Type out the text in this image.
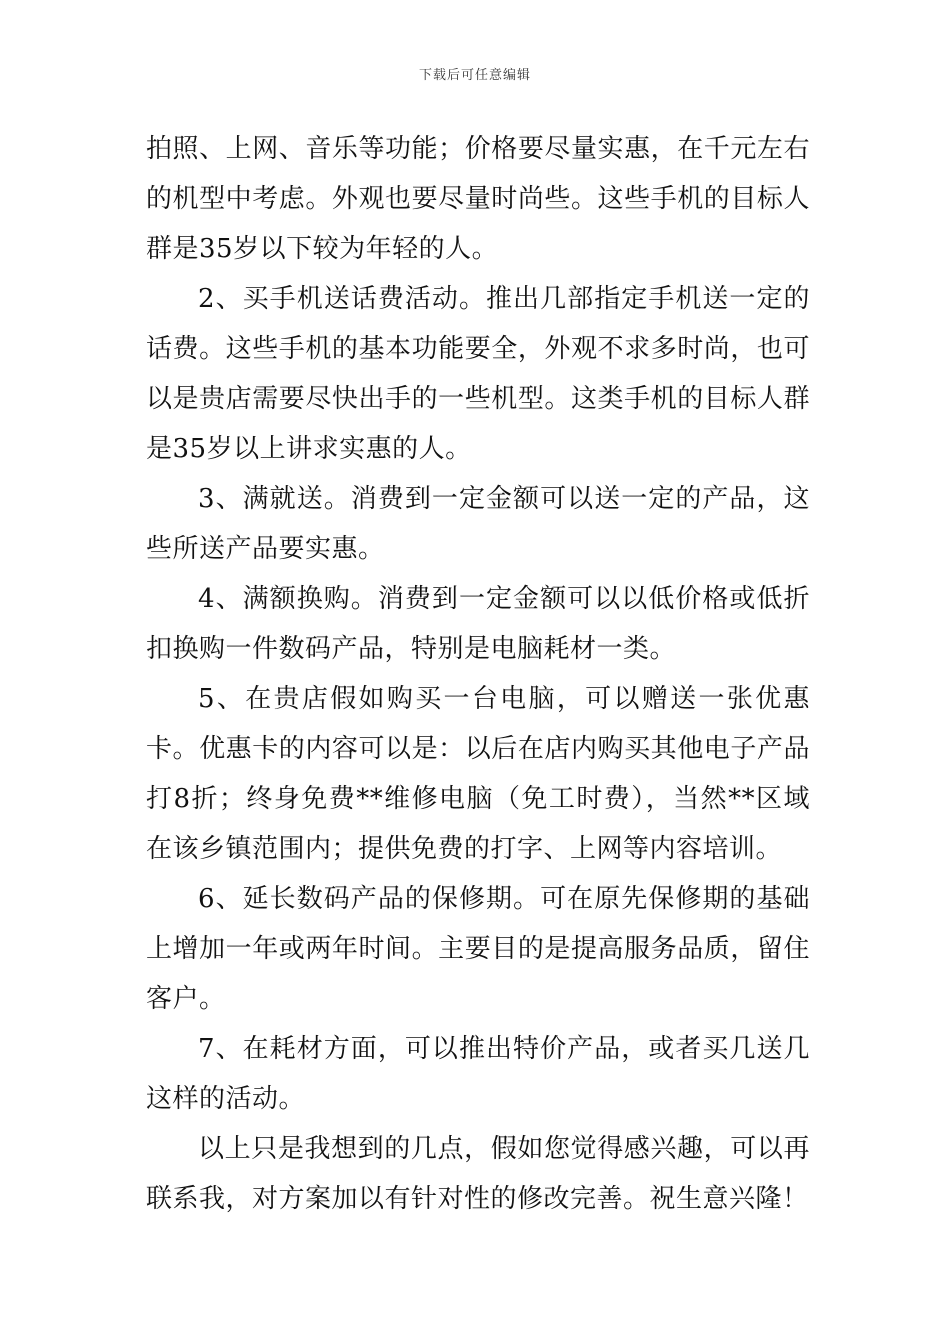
下载后可任意编辑

拍照、上网、音乐等功能；价格要尽量实惠，在千元左右的机型中考虑。外观也要尽量时尚些。这些手机的目标人群是35岁以下较为年轻的人。

2、买手机送话费活动。推出几部指定手机送一定的话费。这些手机的基本功能要全，外观不求多时尚，也可以是贵店需要尽快出手的一些机型。这类手机的目标人群是35岁以上讲求实惠的人。

3、满就送。消费到一定金额可以送一定的产品，这些所送产品要实惠。

4、满额换购。消费到一定金额可以以低价格或低折扣换购一件数码产品，特别是电脑耗材一类。

5、在贵店假如购买一台电脑，可以赠送一张优惠卡。优惠卡的内容可以是：以后在店内购买其他电子产品打8折；终身免费**维修电脑（免工时费），当然**区域在该乡镇范围内；提供免费的打字、上网等内容培训。

6、延长数码产品的保修期。可在原先保修期的基础上增加一年或两年时间。主要目的是提高服务品质，留住客户。

7、在耗材方面，可以推出特价产品，或者买几送几这样的活动。

以上只是我想到的几点，假如您觉得感兴趣，可以再联系我，对方案加以有针对性的修改完善。祝生意兴隆！
